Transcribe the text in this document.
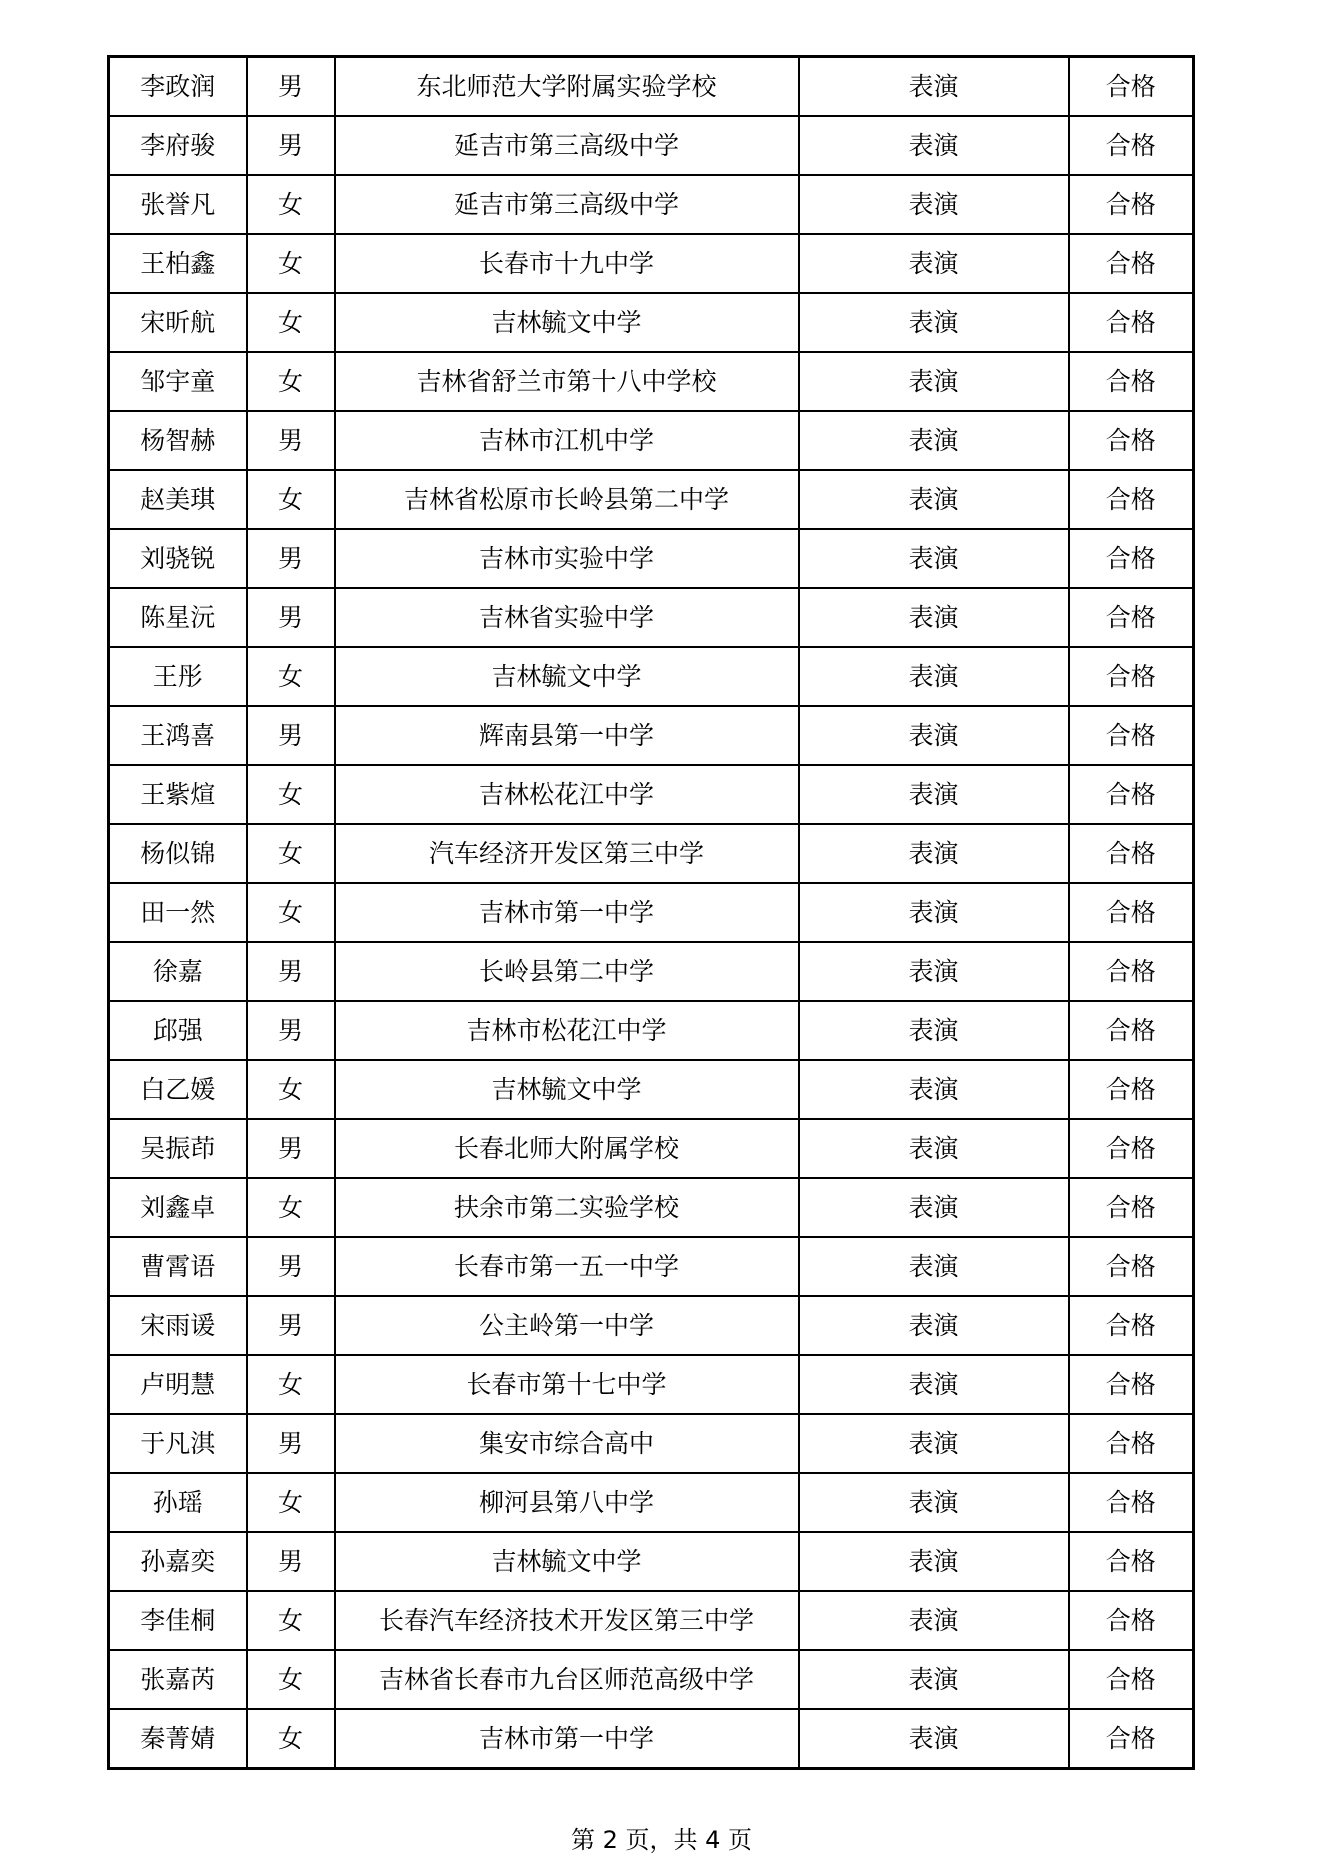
李政润	男	东北师范大学附属实验学校	表演	合格
李府骏	男	延吉市第三高级中学	表演	合格
张誉凡	女	延吉市第三高级中学	表演	合格
王柏鑫	女	长春市十九中学	表演	合格
宋昕航	女	吉林毓文中学	表演	合格
邹宇童	女	吉林省舒兰市第十八中学校	表演	合格
杨智赫	男	吉林市江机中学	表演	合格
赵美琪	女	吉林省松原市长岭县第二中学	表演	合格
刘骁锐	男	吉林市实验中学	表演	合格
陈星沅	男	吉林省实验中学	表演	合格
王彤	女	吉林毓文中学	表演	合格
王鸿喜	男	辉南县第一中学	表演	合格
王紫煊	女	吉林松花江中学	表演	合格
杨似锦	女	汽车经济开发区第三中学	表演	合格
田一然	女	吉林市第一中学	表演	合格
徐嘉	男	长岭县第二中学	表演	合格
邱强	男	吉林市松花江中学	表演	合格
白乙媛	女	吉林毓文中学	表演	合格
吴振茚	男	长春北师大附属学校	表演	合格
刘鑫卓	女	扶余市第二实验学校	表演	合格
曹霄语	男	长春市第一五一中学	表演	合格
宋雨谖	男	公主岭第一中学	表演	合格
卢明慧	女	长春市第十七中学	表演	合格
于凡淇	男	集安市综合高中	表演	合格
孙瑶	女	柳河县第八中学	表演	合格
孙嘉奕	男	吉林毓文中学	表演	合格
李佳桐	女	长春汽车经济技术开发区第三中学	表演	合格
张嘉芮	女	吉林省长春市九台区师范高级中学	表演	合格
秦菁婧	女	吉林市第一中学	表演	合格
第 2 页，共 4 页
